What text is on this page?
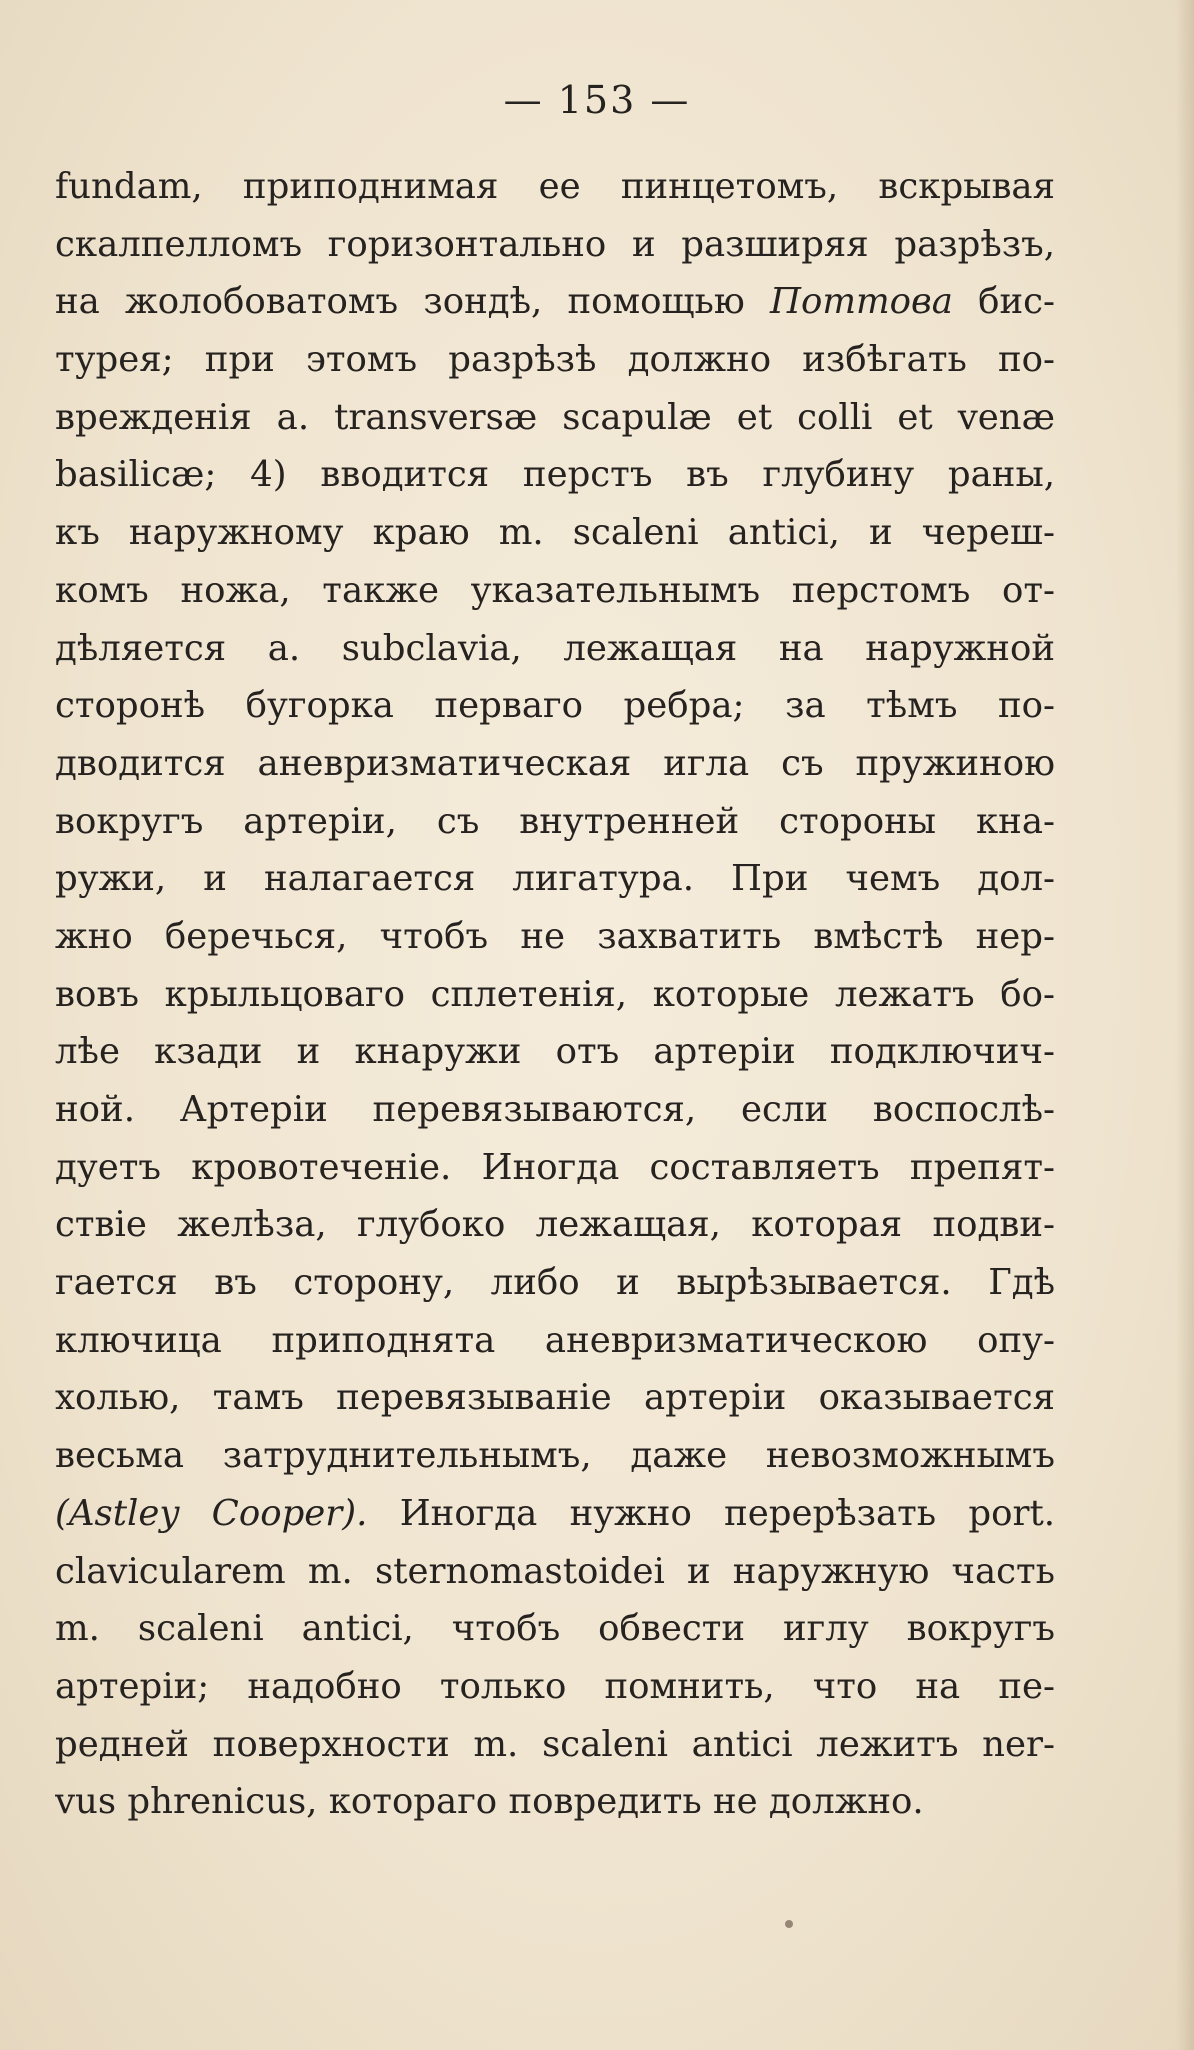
— 153 —
fundam, приподнимая ее пинцетомъ, вскрывая
скалпелломъ горизонтально и разширяя разрѣзъ,
на жолобоватомъ зондѣ, помощью Поттова бис-
турея; при этомъ разрѣзѣ должно избѣгать по-
врежденія a. transversæ scapulæ et colli et venæ
basilicæ; 4) вводится перстъ въ глубину раны,
къ наружному краю m. scaleni antici, и череш-
комъ ножа, также указательнымъ перстомъ от-
дѣляется a. subclavia, лежащая на наружной
сторонѣ бугорка перваго ребра; за тѣмъ по-
дводится аневризматическая игла съ пружиною
вокругъ артеріи, съ внутренней стороны кна-
ружи, и налагается лигатура. При чемъ дол-
жно беречься, чтобъ не захватить вмѣстѣ нер-
вовъ крыльцоваго сплетенія, которые лежатъ бо-
лѣе кзади и кнаружи отъ артеріи подключич-
ной. Артеріи перевязываются, если воспослѣ-
дуетъ кровотеченіе. Иногда составляетъ препят-
ствіе желѣза, глубоко лежащая, которая подви-
гается въ сторону, либо и вырѣзывается. Гдѣ
ключица приподнята аневризматическою опу-
холью, тамъ перевязываніе артеріи оказывается
весьма затруднительнымъ, даже невозможнымъ
(Astley Cooper). Иногда нужно перерѣзать port.
clavicularem m. sternomastoidei и наружную часть
m. scaleni antici, чтобъ обвести иглу вокругъ
артеріи; надобно только помнить, что на пе-
редней поверхности m. scaleni antici лежитъ ner-
vus phrenicus, котораго повредить не должно.
